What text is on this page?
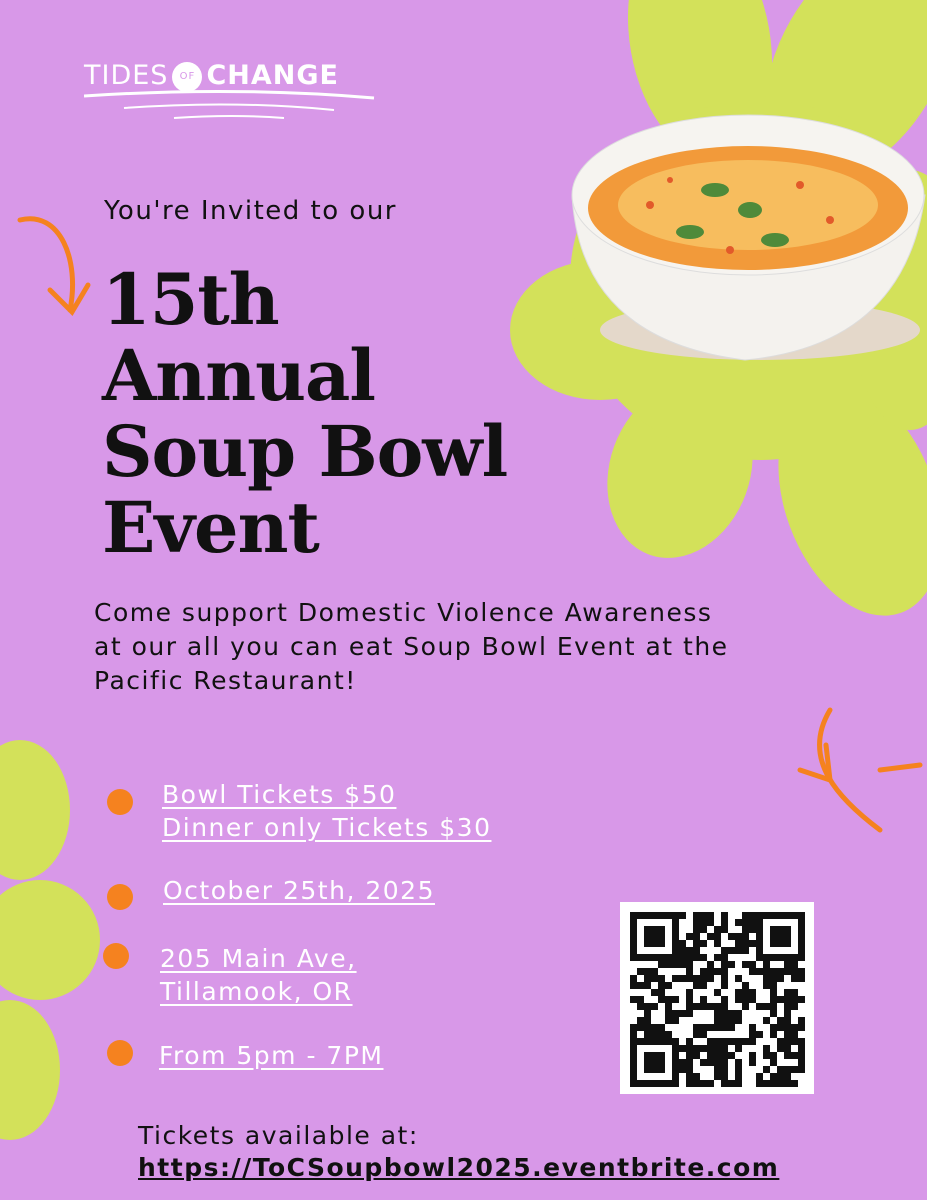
TIDES OF CHANGE
You're Invited to our
15th
Annual
Soup Bowl
Event
Come support Domestic Violence Awareness at our all you can eat Soup Bowl Event at the Pacific Restaurant!
Bowl Tickets $50
Dinner only Tickets $30
October 25th, 2025
205 Main Ave,
Tillamook, OR
From 5pm - 7PM
Tickets available at:
https://ToCSoupbowl2025.eventbrite.com
